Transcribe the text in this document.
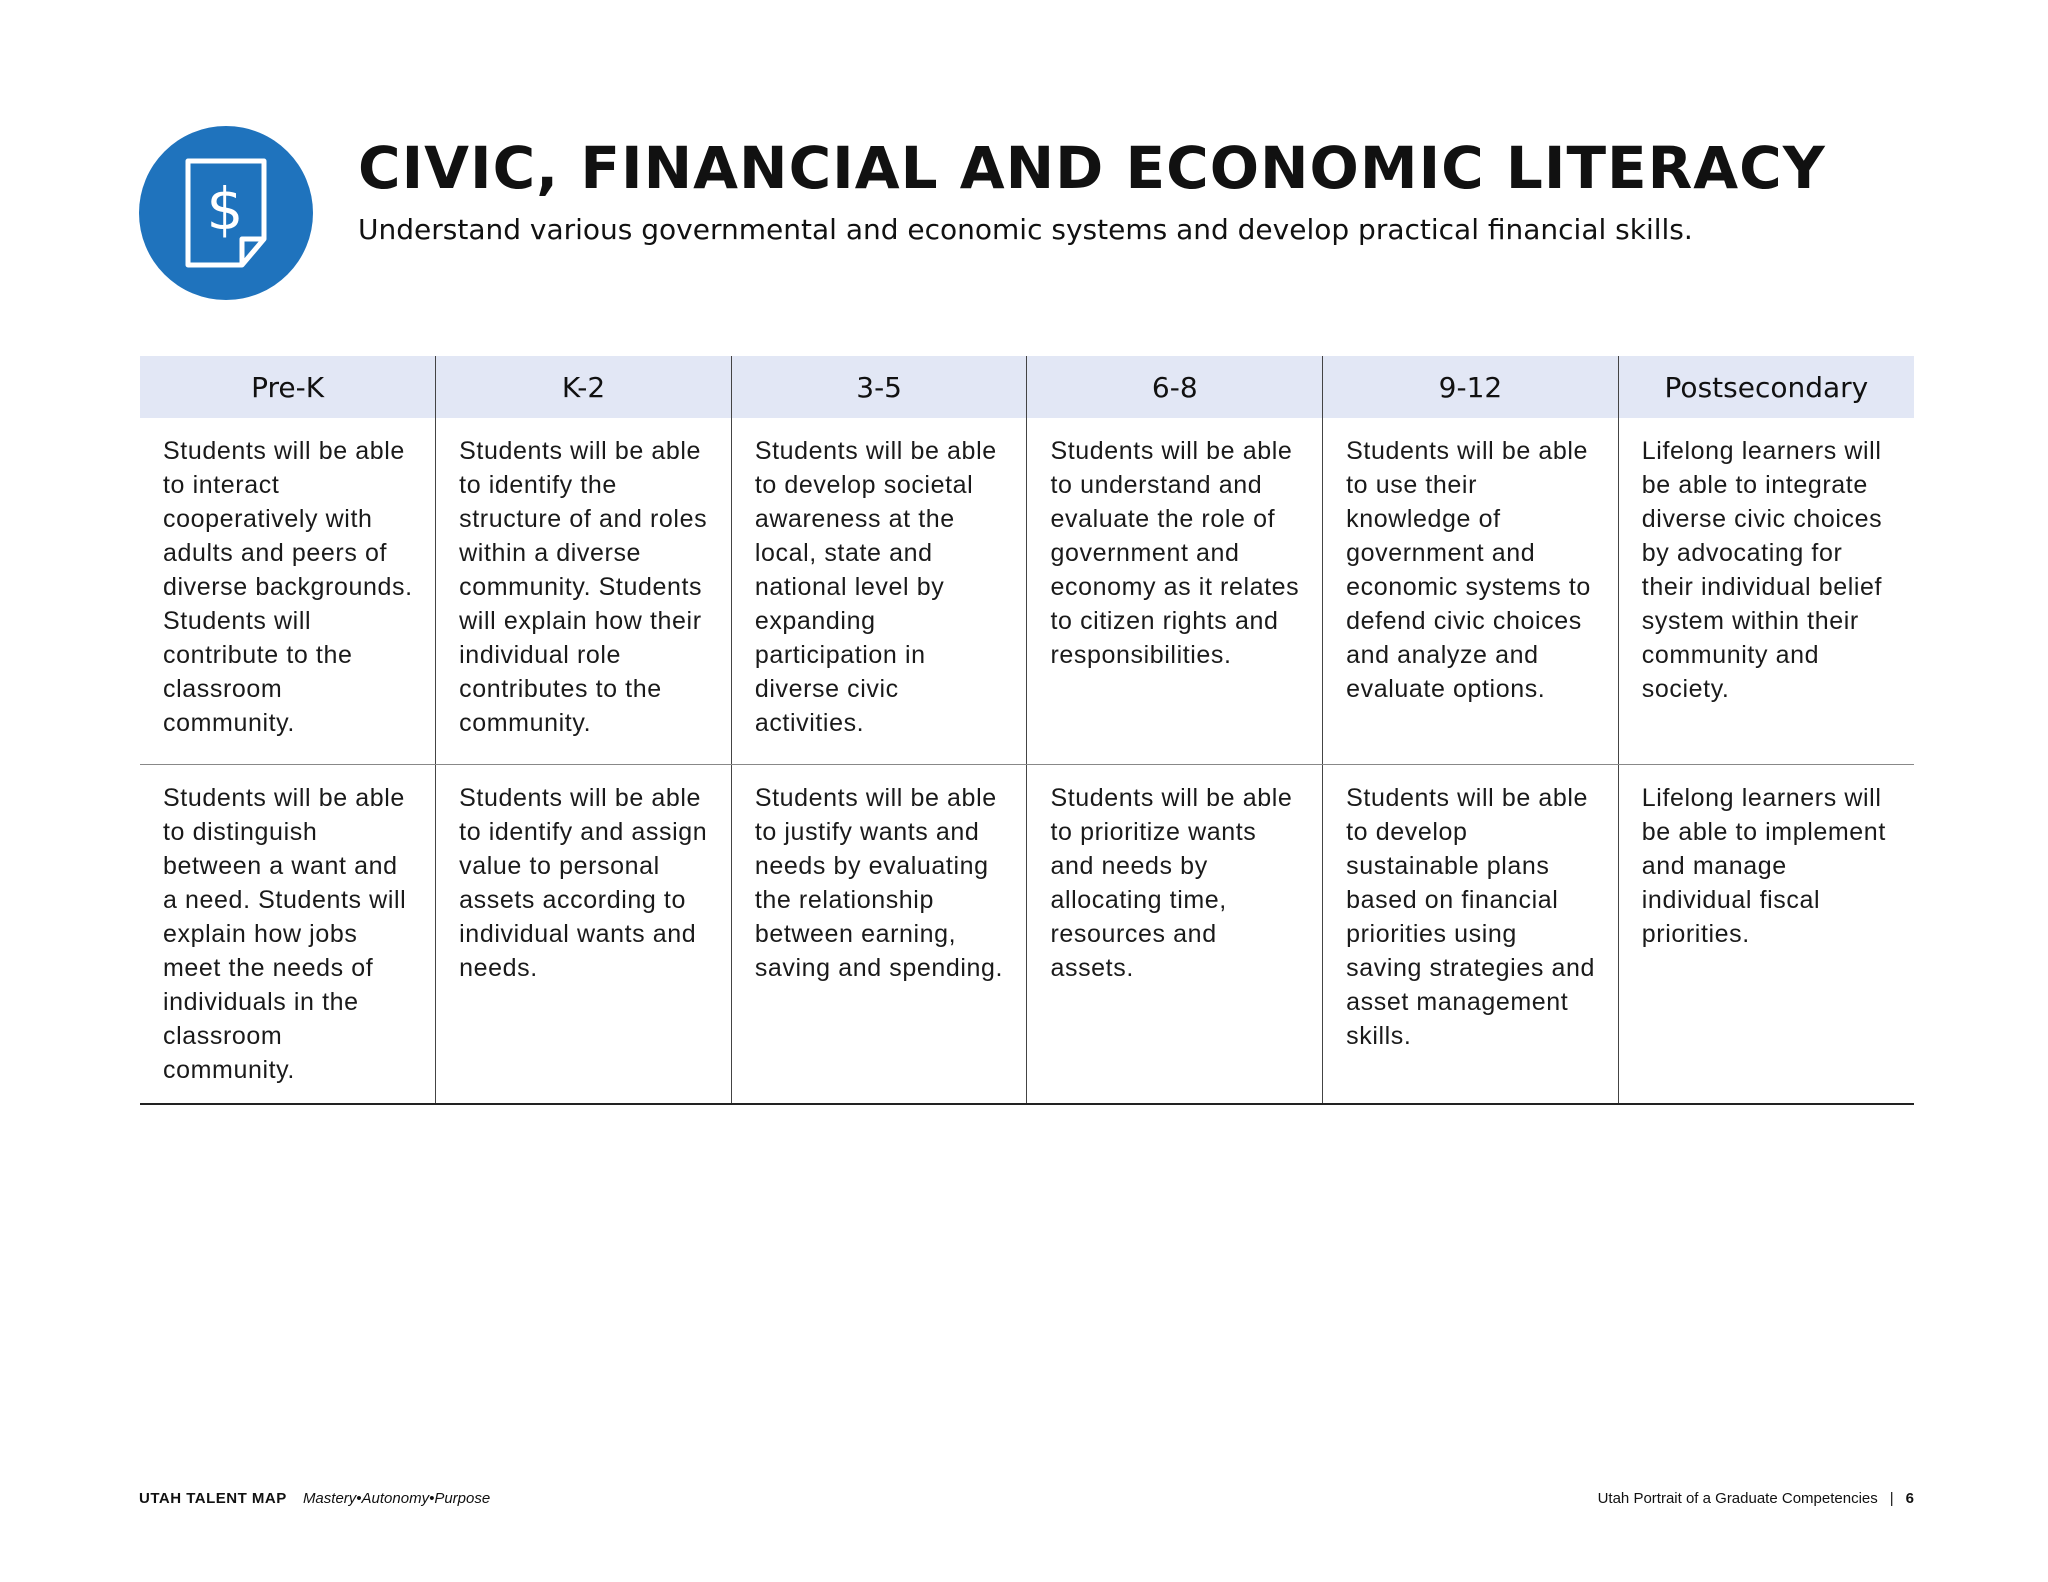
$
CIVIC, FINANCIAL AND ECONOMIC LITERACY

Understand various governmental and economic systems and develop practical financial skills.

Pre-K	K-2	3-5	6-8	9-12	Postsecondary
Students will be able to interact cooperatively with adults and peers of diverse backgrounds. Students will contribute to the classroom community.	Students will be able to identify the structure of and roles within a diverse community. Students will explain how their individual role contributes to the community.	Students will be able to develop societal awareness at the local, state and national level by expanding participation in diverse civic activities.	Students will be able to understand and evaluate the role of government and economy as it relates to citizen rights and responsibilities.	Students will be able to use their knowledge of government and economic systems to defend civic choices and analyze and evaluate options.	Lifelong learners will be able to integrate diverse civic choices by advocating for their individual belief system within their community and society.
Students will be able to distinguish between a want and a need. Students will explain how jobs meet the needs of individuals in the classroom community.	Students will be able to identify and assign value to personal assets according to individual wants and needs.	Students will be able to justify wants and needs by evaluating the relationship between earning, saving and spending.	Students will be able to prioritize wants and needs by allocating time, resources and assets.	Students will be able to develop sustainable plans based on financial priorities using saving strategies and asset management skills.	Lifelong learners will be able to implement and manage individual fiscal priorities.
UTAH TALENT MAP Mastery•Autonomy•Purpose	Utah Portrait of a Graduate Competencies | 6
